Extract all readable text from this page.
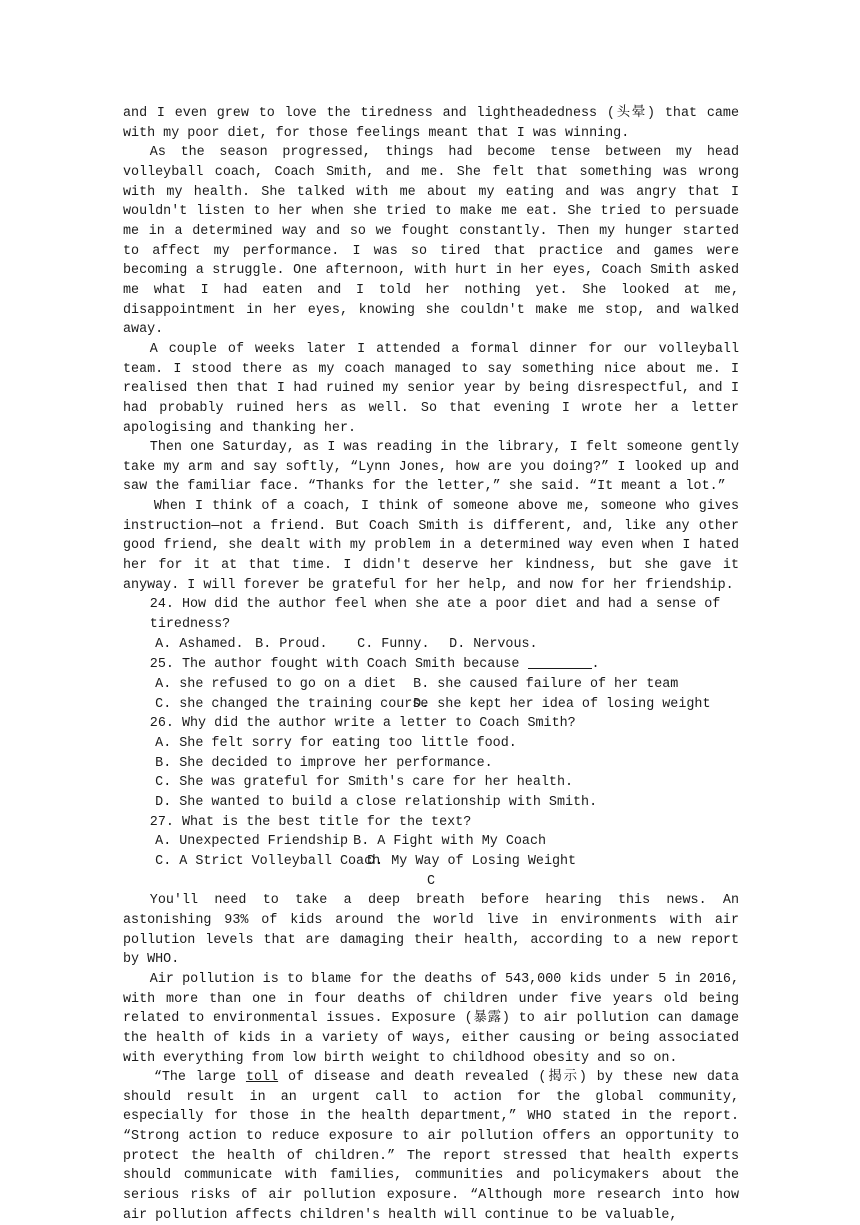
and I even grew to love the tiredness and lightheadedness (头晕) that came with my poor diet, for those feelings meant that I was winning.

As the season progressed, things had become tense between my head volleyball coach, Coach Smith, and me. She felt that something was wrong with my health. She talked with me about my eating and was angry that I wouldn't listen to her when she tried to make me eat. She tried to persuade me in a determined way and so we fought constantly. Then my hunger started to affect my performance. I was so tired that practice and games were becoming a struggle. One afternoon, with hurt in her eyes, Coach Smith asked me what I had eaten and I told her nothing yet. She looked at me, disappointment in her eyes, knowing she couldn't make me stop, and walked away.

A couple of weeks later I attended a formal dinner for our volleyball team. I stood there as my coach managed to say something nice about me. I realised then that I had ruined my senior year by being disrespectful, and I had probably ruined hers as well. So that evening I wrote her a letter apologising and thanking her.

Then one Saturday, as I was reading in the library, I felt someone gently take my arm and say softly, “Lynn Jones, how are you doing?” I looked up and saw the familiar face. “Thanks for the letter,” she said. “It meant a lot.”

When I think of a coach, I think of someone above me, someone who gives instruction—not a friend. But Coach Smith is different, and, like any other good friend, she dealt with my problem in a determined way even when I hated her for it at that time. I didn't deserve her kindness, but she gave it anyway. I will forever be grateful for her help, and now for her friendship.

24. How did the author feel when she ate a poor diet and had a sense of tiredness?

A. Ashamed. B. Proud.	C. Funny.	D. Nervous.

25. The author fought with Coach Smith because	.

A. she refused to go on a diet	B. she caused failure of her team
C. she changed the training course
D. she kept her idea of losing weight

26. Why did the author write a letter to Coach Smith?

A. She felt sorry for eating too little food.
B. She decided to improve her performance.
C. She was grateful for Smith's care for her health.
D. She wanted to build a close relationship with Smith.

27. What is the best title for the text?

A. Unexpected Friendship B. A Fight with My Coach
C. A Strict Volleyball Coach
D. My Way of Losing Weight

C

You'll need to take a deep breath before hearing this news. An astonishing 93% of kids around the world live in environments with air pollution levels that are damaging their health, according to a new report by WHO.

Air pollution is to blame for the deaths of 543,000 kids under 5 in 2016, with more than one in four deaths of children under five years old being related to environmental issues. Exposure (暴露) to air pollution can damage the health of kids in a variety of ways, either causing or being associated with everything from low birth weight to childhood obesity and so on.

“The large toll of disease and death revealed (揭示) by these new data should result in an urgent call to action for the global community, especially for those in the health department,” WHO stated in the report. “Strong action to reduce exposure to air pollution offers an opportunity to protect the health of children.” The report stressed that health experts should communicate with families, communities and policymakers about the serious risks of air pollution exposure. “Although more research into how air pollution affects children's health will continue to be valuable,
